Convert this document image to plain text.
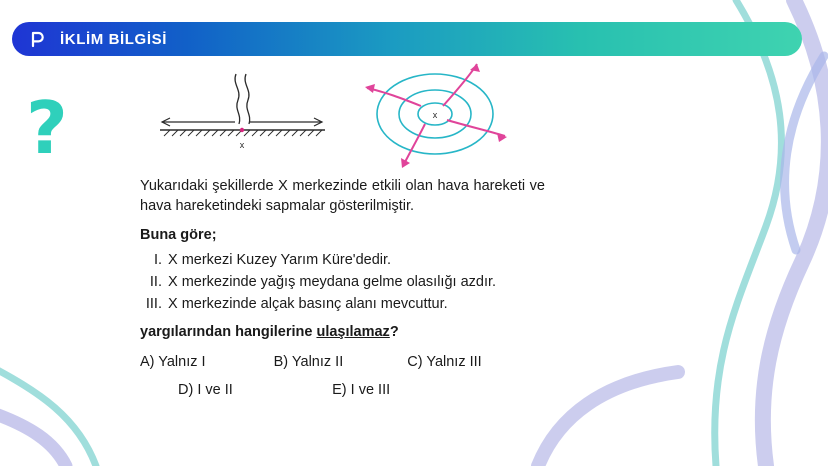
İKLİM BİLGİSİ
?	x
x

Yukarıdaki şekillerde X merkezinde etkili olan hava hareketi ve hava hareketindeki sapmalar gösterilmiştir.

Buna göre;

I. X merkezi Kuzey Yarım Küre'dedir.
II. X merkezinde yağış meydana gelme olasılığı azdır.
III. X merkezinde alçak basınç alanı mevcuttur.

yargılarından hangilerine ulaşılamaz?

A) Yalnız I	B) Yalnız II	C) Yalnız III
D) I ve II	E) I ve III
